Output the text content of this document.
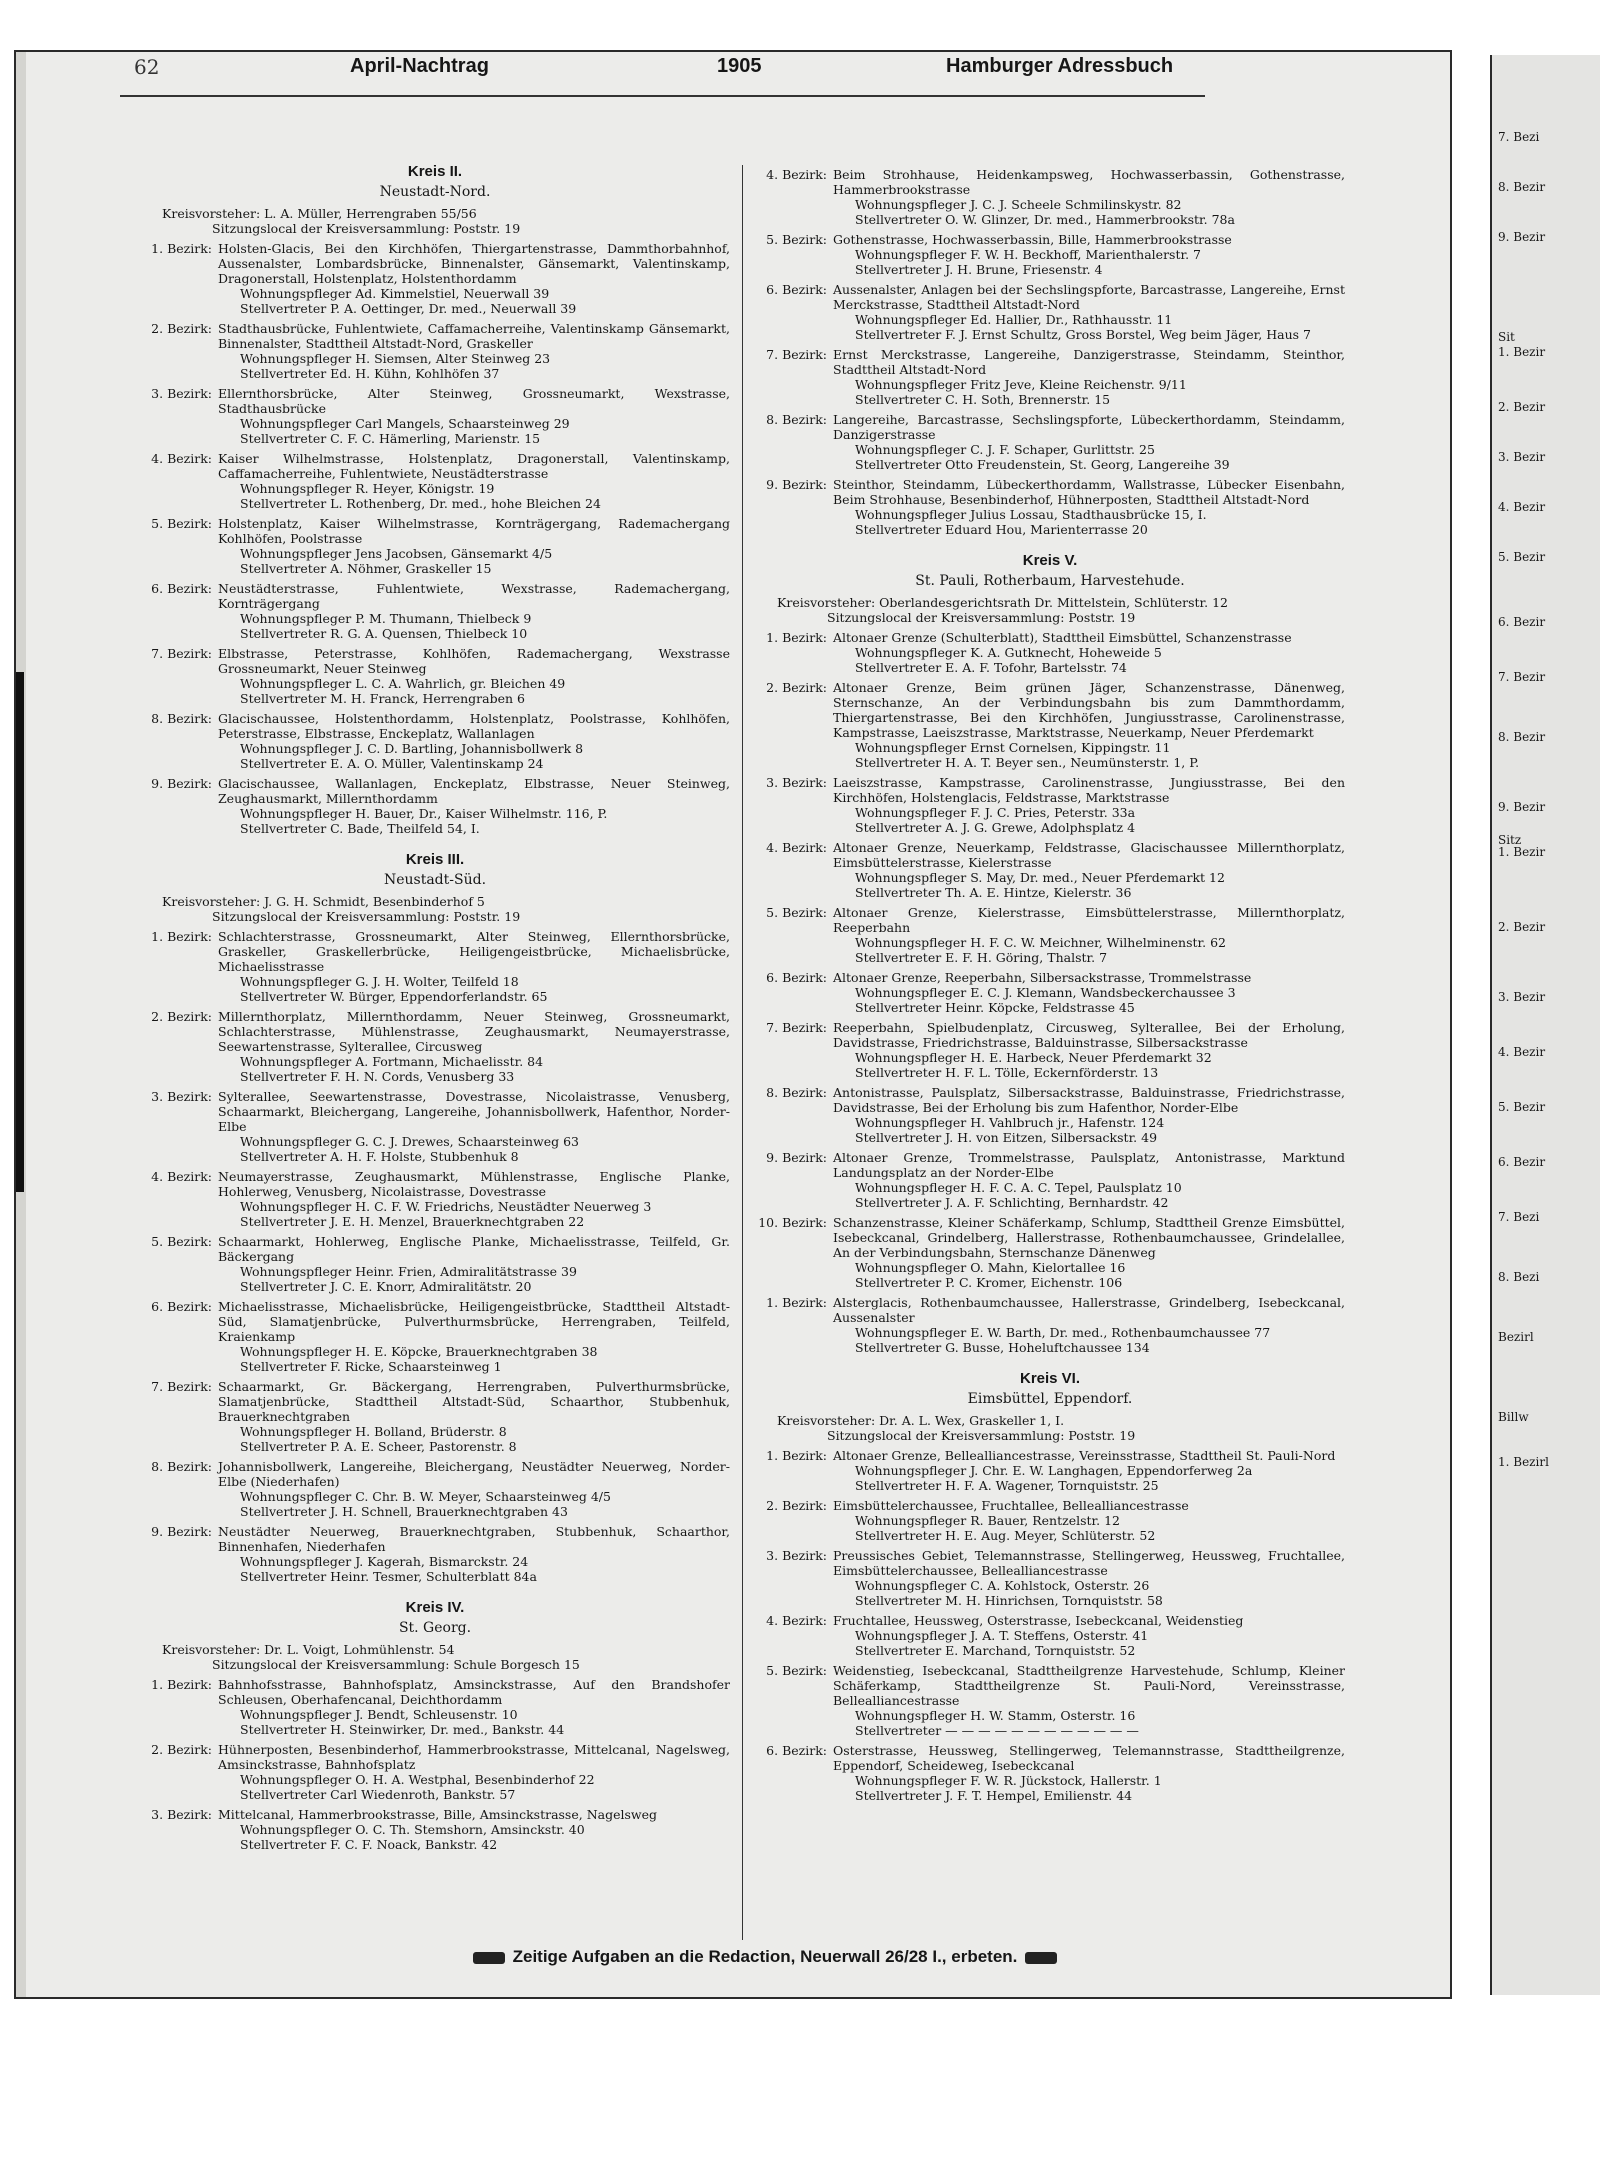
62	April-Nachtrag	1905	Hamburger Adressbuch
Kreis II.
Neustadt-Nord.
Kreisvorsteher: L. A. Müller, Herrengraben 55/56
Sitzungslocal der Kreisversammlung: Poststr. 19
1. Bezirk: Holsten-Glacis, Bei den Kirchhöfen, Thiergartenstrasse, Dammthorbahnhof, Aussenalster, Lombardsbrücke, Binnenalster, Gänsemarkt, Valentinskamp, Dragonerstall, Holstenplatz, Holstenthordamm
Wohnungspfleger Ad. Kimmelstiel, Neuerwall 39
Stellvertreter P. A. Oettinger, Dr. med., Neuerwall 39
2. Bezirk: Stadthausbrücke, Fuhlentwiete, Caffamacherreihe, Valentinskamp Gänsemarkt, Binnenalster, Stadttheil Altstadt-Nord, Graskeller
Wohnungspfleger H. Siemsen, Alter Steinweg 23
Stellvertreter Ed. H. Kühn, Kohlhöfen 37
3. Bezirk: Ellernthorsbrücke, Alter Steinweg, Grossneumarkt, Wexstrasse, Stadthausbrücke
Wohnungspfleger Carl Mangels, Schaarsteinweg 29
Stellvertreter C. F. C. Hämerling, Marienstr. 15
4. Bezirk: Kaiser Wilhelmstrasse, Holstenplatz, Dragonerstall, Valentinskamp, Caffamacherreihe, Fuhlentwiete, Neustädterstrasse
Wohnungspfleger R. Heyer, Königstr. 19
Stellvertreter L. Rothenberg, Dr. med., hohe Bleichen 24
5. Bezirk: Holstenplatz, Kaiser Wilhelmstrasse, Kornträgergang, Rademachergang Kohlhöfen, Poolstrasse
Wohnungspfleger Jens Jacobsen, Gänsemarkt 4/5
Stellvertreter A. Nöhmer, Graskeller 15
6. Bezirk: Neustädterstrasse, Fuhlentwiete, Wexstrasse, Rademachergang, Kornträgergang
Wohnungspfleger P. M. Thumann, Thielbeck 9
Stellvertreter R. G. A. Quensen, Thielbeck 10
7. Bezirk: Elbstrasse, Peterstrasse, Kohlhöfen, Rademachergang, Wexstrasse Grossneumarkt, Neuer Steinweg
Wohnungspfleger L. C. A. Wahrlich, gr. Bleichen 49
Stellvertreter M. H. Franck, Herrengraben 6
8. Bezirk: Glacischaussee, Holstenthordamm, Holstenplatz, Poolstrasse, Kohlhöfen, Peterstrasse, Elbstrasse, Enckeplatz, Wallanlagen
Wohnungspfleger J. C. D. Bartling, Johannisbollwerk 8
Stellvertreter E. A. O. Müller, Valentinskamp 24
9. Bezirk: Glacischaussee, Wallanlagen, Enckeplatz, Elbstrasse, Neuer Steinweg, Zeughausmarkt, Millernthordamm
Wohnungspfleger H. Bauer, Dr., Kaiser Wilhelmstr. 116, P.
Stellvertreter C. Bade, Theilfeld 54, I.
Kreis III.
Neustadt-Süd.
Kreisvorsteher: J. G. H. Schmidt, Besenbinderhof 5
Sitzungslocal der Kreisversammlung: Poststr. 19
1. Bezirk: Schlachterstrasse, Grossneumarkt, Alter Steinweg, Ellernthorsbrücke, Graskeller, Graskellerbrücke, Heiligengeistbrücke, Michaelisbrücke, Michaelisstrasse
Wohnungspfleger G. J. H. Wolter, Teilfeld 18
Stellvertreter W. Bürger, Eppendorferlandstr. 65
2. Bezirk: Millernthorplatz, Millernthordamm, Neuer Steinweg, Grossneumarkt, Schlachterstrasse, Mühlenstrasse, Zeughausmarkt, Neumayerstrasse, Seewartenstrasse, Sylterallee, Circusweg
Wohnungspfleger A. Fortmann, Michaelisstr. 84
Stellvertreter F. H. N. Cords, Venusberg 33
3. Bezirk: Sylterallee, Seewartenstrasse, Dovestrasse, Nicolaistrasse, Venusberg, Schaarmarkt, Bleichergang, Langereihe, Johannisbollwerk, Hafenthor, Norder-Elbe
Wohnungspfleger G. C. J. Drewes, Schaarsteinweg 63
Stellvertreter A. H. F. Holste, Stubbenhuk 8
4. Bezirk: Neumayerstrasse, Zeughausmarkt, Mühlenstrasse, Englische Planke, Hohlerweg, Venusberg, Nicolaistrasse, Dovestrasse
Wohnungspfleger H. C. F. W. Friedrichs, Neustädter Neuerweg 3
Stellvertreter J. E. H. Menzel, Brauerknechtgraben 22
5. Bezirk: Schaarmarkt, Hohlerweg, Englische Planke, Michaelisstrasse, Teilfeld, Gr. Bäckergang
Wohnungspfleger Heinr. Frien, Admiralitätstrasse 39
Stellvertreter J. C. E. Knorr, Admiralitätstr. 20
6. Bezirk: Michaelisstrasse, Michaelisbrücke, Heiligengeistbrücke, Stadttheil Altstadt-Süd, Slamatjenbrücke, Pulverthurmsbrücke, Herrengraben, Teilfeld, Kraienkamp
Wohnungspfleger H. E. Köpcke, Brauerknechtgraben 38
Stellvertreter F. Ricke, Schaarsteinweg 1
7. Bezirk: Schaarmarkt, Gr. Bäckergang, Herrengraben, Pulverthurmsbrücke, Slamatjenbrücke, Stadttheil Altstadt-Süd, Schaarthor, Stubbenhuk, Brauerknechtgraben
Wohnungspfleger H. Bolland, Brüderstr. 8
Stellvertreter P. A. E. Scheer, Pastorenstr. 8
8. Bezirk: Johannisbollwerk, Langereihe, Bleichergang, Neustädter Neuerweg, Norder-Elbe (Niederhafen)
Wohnungspfleger C. Chr. B. W. Meyer, Schaarsteinweg 4/5
Stellvertreter J. H. Schnell, Brauerknechtgraben 43
9. Bezirk: Neustädter Neuerweg, Brauerknechtgraben, Stubbenhuk, Schaarthor, Binnenhafen, Niederhafen
Wohnungspfleger J. Kagerah, Bismarckstr. 24
Stellvertreter Heinr. Tesmer, Schulterblatt 84a
Kreis IV.
St. Georg.
Kreisvorsteher: Dr. L. Voigt, Lohmühlenstr. 54
Sitzungslocal der Kreisversammlung: Schule Borgesch 15
1. Bezirk: Bahnhofsstrasse, Bahnhofsplatz, Amsinckstrasse, Auf den Brandshofer Schleusen, Oberhafencanal, Deichthordamm
Wohnungspfleger J. Bendt, Schleusenstr. 10
Stellvertreter H. Steinwirker, Dr. med., Bankstr. 44
2. Bezirk: Hühnerposten, Besenbinderhof, Hammerbrookstrasse, Mittelcanal, Nagelsweg, Amsinckstrasse, Bahnhofsplatz
Wohnungspfleger O. H. A. Westphal, Besenbinderhof 22
Stellvertreter Carl Wiedenroth, Bankstr. 57
3. Bezirk: Mittelcanal, Hammerbrookstrasse, Bille, Amsinckstrasse, Nagelsweg
Wohnungspfleger O. C. Th. Stemshorn, Amsinckstr. 40
Stellvertreter F. C. F. Noack, Bankstr. 42
4. Bezirk: Beim Strohhause, Heidenkampsweg, Hochwasserbassin, Gothenstrasse, Hammerbrookstrasse
Wohnungspfleger J. C. J. Scheele Schmilinskystr. 82
Stellvertreter O. W. Glinzer, Dr. med., Hammerbrookstr. 78a
5. Bezirk: Gothenstrasse, Hochwasserbassin, Bille, Hammerbrookstrasse
Wohnungspfleger F. W. H. Beckhoff, Marienthalerstr. 7
Stellvertreter J. H. Brune, Friesenstr. 4
6. Bezirk: Aussenalster, Anlagen bei der Sechslingspforte, Barcastrasse, Langereihe, Ernst Merckstrasse, Stadttheil Altstadt-Nord
Wohnungspfleger Ed. Hallier, Dr., Rathhausstr. 11
Stellvertreter F. J. Ernst Schultz, Gross Borstel, Weg beim Jäger, Haus 7
7. Bezirk: Ernst Merckstrasse, Langereihe, Danzigerstrasse, Steindamm, Steinthor, Stadttheil Altstadt-Nord
Wohnungspfleger Fritz Jeve, Kleine Reichenstr. 9/11
Stellvertreter C. H. Soth, Brennerstr. 15
8. Bezirk: Langereihe, Barcastrasse, Sechslingspforte, Lübeckerthordamm, Steindamm, Danzigerstrasse
Wohnungspfleger C. J. F. Schaper, Gurlittstr. 25
Stellvertreter Otto Freudenstein, St. Georg, Langereihe 39
9. Bezirk: Steinthor, Steindamm, Lübeckerthordamm, Wallstrasse, Lübecker Eisenbahn, Beim Strohhause, Besenbinderhof, Hühnerposten, Stadttheil Altstadt-Nord
Wohnungspfleger Julius Lossau, Stadthausbrücke 15, I.
Stellvertreter Eduard Hou, Marienterrasse 20
Kreis V.
St. Pauli, Rotherbaum, Harvestehude.
Kreisvorsteher: Oberlandesgerichtsrath Dr. Mittelstein, Schlüterstr. 12
Sitzungslocal der Kreisversammlung: Poststr. 19
1. Bezirk: Altonaer Grenze (Schulterblatt), Stadttheil Eimsbüttel, Schanzenstrasse
Wohnungspfleger K. A. Gutknecht, Hoheweide 5
Stellvertreter E. A. F. Tofohr, Bartelsstr. 74
2. Bezirk: Altonaer Grenze, Beim grünen Jäger, Schanzenstrasse, Dänenweg, Sternschanze, An der Verbindungsbahn bis zum Dammthordamm, Thiergartenstrasse, Bei den Kirchhöfen, Jungiusstrasse, Carolinenstrasse, Kampstrasse, Laeiszstrasse, Marktstrasse, Neuerkamp, Neuer Pferdemarkt
Wohnungspfleger Ernst Cornelsen, Kippingstr. 11
Stellvertreter H. A. T. Beyer sen., Neumünsterstr. 1, P.
3. Bezirk: Laeiszstrasse, Kampstrasse, Carolinenstrasse, Jungiusstrasse, Bei den Kirchhöfen, Holstenglacis, Feldstrasse, Marktstrasse
Wohnungspfleger F. J. C. Pries, Peterstr. 33a
Stellvertreter A. J. G. Grewe, Adolphsplatz 4
4. Bezirk: Altonaer Grenze, Neuerkamp, Feldstrasse, Glacischaussee Millernthorplatz, Eimsbüttelerstrasse, Kielerstrasse
Wohnungspfleger S. May, Dr. med., Neuer Pferdemarkt 12
Stellvertreter Th. A. E. Hintze, Kielerstr. 36
5. Bezirk: Altonaer Grenze, Kielerstrasse, Eimsbüttelerstrasse, Millernthorplatz, Reeperbahn
Wohnungspfleger H. F. C. W. Meichner, Wilhelminenstr. 62
Stellvertreter E. F. H. Göring, Thalstr. 7
6. Bezirk: Altonaer Grenze, Reeperbahn, Silbersackstrasse, Trommelstrasse
Wohnungspfleger E. C. J. Klemann, Wandsbeckerchaussee 3
Stellvertreter Heinr. Köpcke, Feldstrasse 45
7. Bezirk: Reeperbahn, Spielbudenplatz, Circusweg, Sylterallee, Bei der Erholung, Davidstrasse, Friedrichstrasse, Balduinstrasse, Silbersackstrasse
Wohnungspfleger H. E. Harbeck, Neuer Pferdemarkt 32
Stellvertreter H. F. L. Tölle, Eckernförderstr. 13
8. Bezirk: Antonistrasse, Paulsplatz, Silbersackstrasse, Balduinstrasse, Friedrichstrasse, Davidstrasse, Bei der Erholung bis zum Hafenthor, Norder-Elbe
Wohnungspfleger H. Vahlbruch jr., Hafenstr. 124
Stellvertreter J. H. von Eitzen, Silbersackstr. 49
9. Bezirk: Altonaer Grenze, Trommelstrasse, Paulsplatz, Antonistrasse, Marktund Landungsplatz an der Norder-Elbe
Wohnungspfleger H. F. C. A. C. Tepel, Paulsplatz 10
Stellvertreter J. A. F. Schlichting, Bernhardstr. 42
10. Bezirk: Schanzenstrasse, Kleiner Schäferkamp, Schlump, Stadttheil Grenze Eimsbüttel, Isebeckcanal, Grindelberg, Hallerstrasse, Rothenbaumchaussee, Grindelallee, An der Verbindungsbahn, Sternschanze Dänenweg
Wohnungspfleger O. Mahn, Kielortallee 16
Stellvertreter P. C. Kromer, Eichenstr. 106
1. Bezirk: Alsterglacis, Rothenbaumchaussee, Hallerstrasse, Grindelberg, Isebeckcanal, Aussenalster
Wohnungspfleger E. W. Barth, Dr. med., Rothenbaumchaussee 77
Stellvertreter G. Busse, Hoheluftchaussee 134
Kreis VI.
Eimsbüttel, Eppendorf.
Kreisvorsteher: Dr. A. L. Wex, Graskeller 1, I.
Sitzungslocal der Kreisversammlung: Poststr. 19
1. Bezirk: Altonaer Grenze, Bellealliancestrasse, Vereinsstrasse, Stadttheil St. Pauli-Nord
Wohnungspfleger J. Chr. E. W. Langhagen, Eppendorferweg 2a
Stellvertreter H. F. A. Wagener, Tornquiststr. 25
2. Bezirk: Eimsbüttelerchaussee, Fruchtallee, Bellealliancestrasse
Wohnungspfleger R. Bauer, Rentzelstr. 12
Stellvertreter H. E. Aug. Meyer, Schlüterstr. 52
3. Bezirk: Preussisches Gebiet, Telemannstrasse, Stellingerweg, Heussweg, Fruchtallee, Eimsbüttelerchaussee, Bellealliancestrasse
Wohnungspfleger C. A. Kohlstock, Osterstr. 26
Stellvertreter M. H. Hinrichsen, Tornquiststr. 58
4. Bezirk: Fruchtallee, Heussweg, Osterstrasse, Isebeckcanal, Weidenstieg
Wohnungspfleger J. A. T. Steffens, Osterstr. 41
Stellvertreter E. Marchand, Tornquiststr. 52
5. Bezirk: Weidenstieg, Isebeckcanal, Stadttheilgrenze Harvestehude, Schlump, Kleiner Schäferkamp, Stadttheilgrenze St. Pauli-Nord, Vereinsstrasse, Bellealliancestrasse
Wohnungspfleger H. W. Stamm, Osterstr. 16
Stellvertreter — — — — — — — — — — — —
6. Bezirk: Osterstrasse, Heussweg, Stellingerweg, Telemannstrasse, Stadttheilgrenze, Eppendorf, Scheideweg, Isebeckcanal
Wohnungspfleger F. W. R. Jückstock, Hallerstr. 1
Stellvertreter J. F. T. Hempel, Emilienstr. 44
Zeitige Aufgaben an die Redaction, Neuerwall 26/28 I., erbeten.
7. Bezi
8. Bezir
9. Bezir
Sit
1. Bezir
2. Bezir
3. Bezir
4. Bezir
5. Bezir
6. Bezir
7. Bezir
8. Bezir
9. Bezir
Sitz
1. Bezir
2. Bezir
3. Bezir
4. Bezir
5. Bezir
6. Bezir
7. Bezi
8. Bezi
Bezirl
Billw
1. Bezirl
